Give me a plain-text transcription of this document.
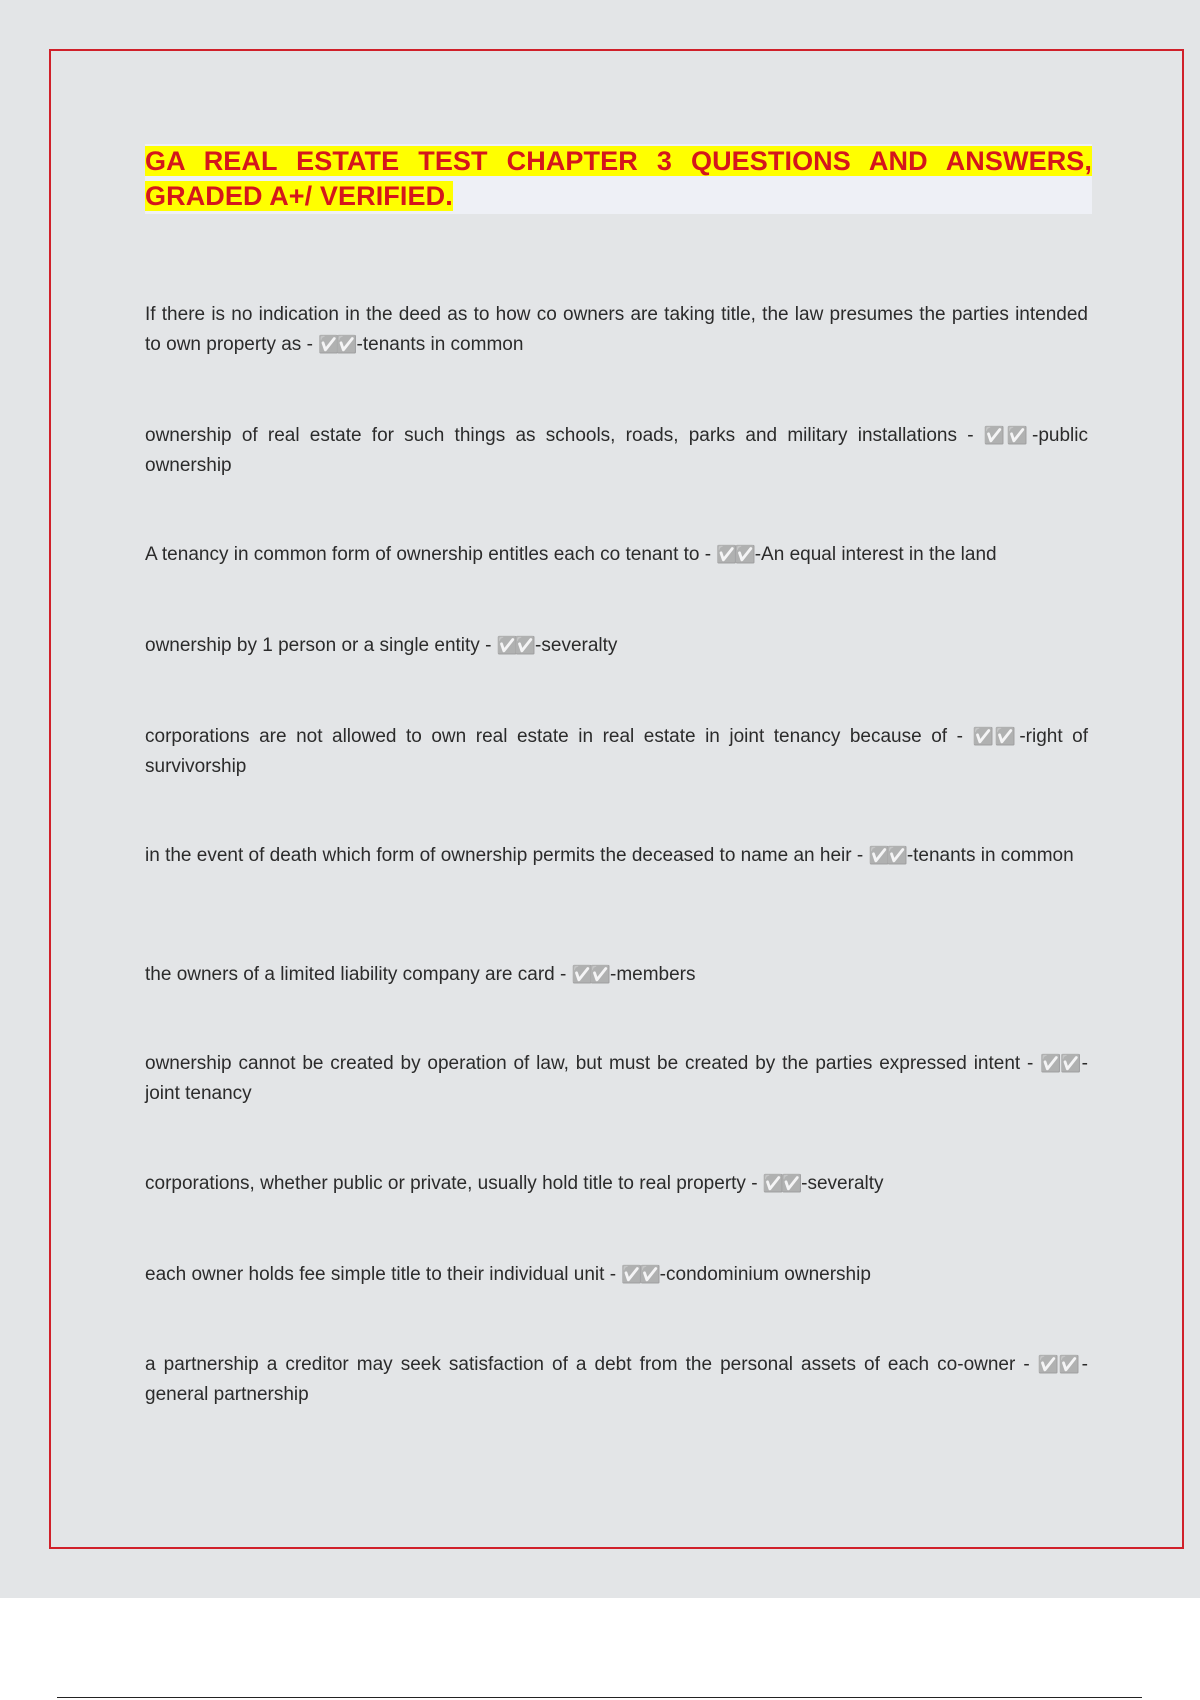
GA REAL ESTATE TEST CHAPTER 3 QUESTIONS AND ANSWERS, GRADED A+/ VERIFIED.
If there is no indication in the deed as to how co owners are taking title, the law presumes the parties intended to own property as - ✅✅ -tenants in common
ownership of real estate for such things as schools, roads, parks and military installations - ✅✅ -public ownership
A tenancy in common form of ownership entitles each co tenant to - ✅✅ -An equal interest in the land
ownership by 1 person or a single entity - ✅✅ -severalty
corporations are not allowed to own real estate in real estate in joint tenancy because of - ✅✅ -right of survivorship
in the event of death which form of ownership permits the deceased to name an heir - ✅✅ -tenants in common
the owners of a limited liability company are card - ✅✅ -members
ownership cannot be created by operation of law, but must be created by the parties expressed intent - ✅✅ -joint tenancy
corporations, whether public or private, usually hold title to real property - ✅✅ -severalty
each owner holds fee simple title to their individual unit - ✅✅ -condominium ownership
a partnership a creditor may seek satisfaction of a debt from the personal assets of each co-owner - ✅✅ -general partnership
